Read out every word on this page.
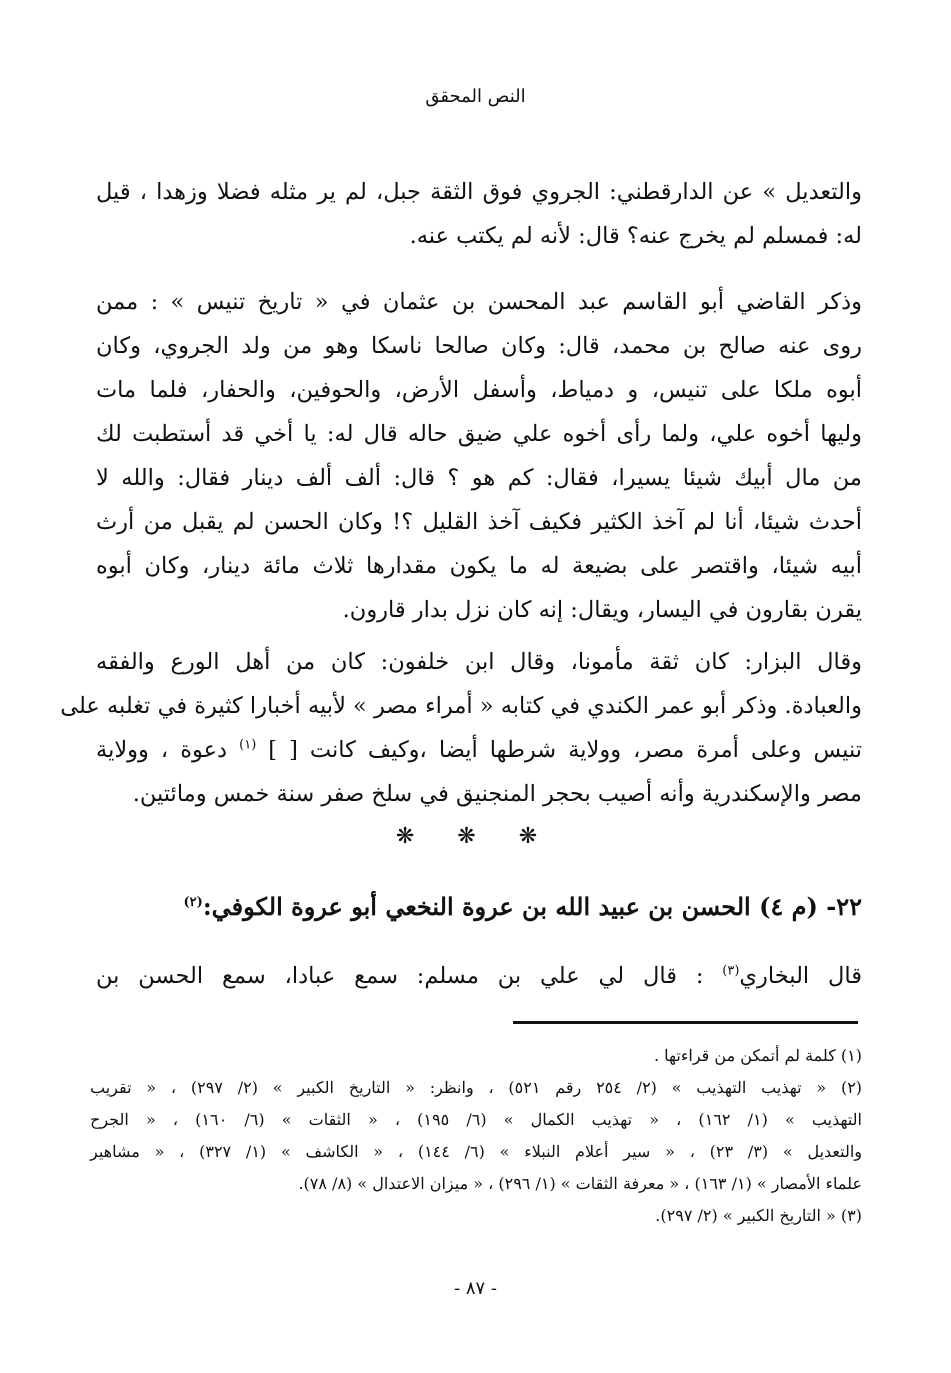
النص المحقق
والتعديل » عن الدارقطني: الجروي فوق الثقة جبل، لم ير مثله فضلا وزهدا ، قيل
له: فمسلم لم يخرج عنه؟ قال: لأنه لم يكتب عنه.
وذكر القاضي أبو القاسم عبد المحسن بن عثمان في « تاريخ تنيس » : ممن
روى عنه صالح بن محمد، قال: وكان صالحا ناسكا وهو من ولد الجروي، وكان
أبوه ملكا على تنيس، و دمياط، وأسفل الأرض، والحوفين، والحفار، فلما مات
وليها أخوه علي، ولما رأى أخوه علي ضيق حاله قال له: يا أخي قد أستطبت لك
من مال أبيك شيئا يسيرا، فقال: كم هو ؟ قال: ألف ألف دينار فقال: والله لا
أحدث شيئا، أنا لم آخذ الكثير فكيف آخذ القليل ؟! وكان الحسن لم يقبل من أرث
أبيه شيئا، واقتصر على بضيعة له ما يكون مقدارها ثلاث مائة دينار، وكان أبوه
يقرن بقارون في اليسار، ويقال: إنه كان نزل بدار قارون.
وقال البزار: كان ثقة مأمونا، وقال ابن خلفون: كان من أهل الورع والفقه
والعبادة. وذكر أبو عمر الكندي في كتابه « أمراء مصر » لأبيه أخبارا كثيرة في تغلبه على
تنيس وعلى أمرة مصر، وولاية شرطها أيضا ،وكيف كانت [ ] $^{(١)}$ دعوة ، وولاية
مصر والإسكندرية وأنه أصيب بحجر المنجنيق في سلخ صفر سنة خمس ومائتين.
❋ ❋ ❋
٢٢- (م ٤) الحسن بن عبيد الله بن عروة النخعي أبو عروة الكوفي:$^{(٢)}$
قال البخاري$^{(٣)}$ : قال لي علي بن مسلم: سمع عبادا، سمع الحسن بن
(١) كلمة لم أتمكن من قراءتها .
(٢) « تهذيب التهذيب » (٢/ ٢٥٤ رقم ٥٢١) ، وانظر: « التاريخ الكبير » (٢/ ٢٩٧) ، « تقريب
التهذيب » (١/ ١٦٢) ، « تهذيب الكمال » (٦/ ١٩٥) ، « الثقات » (٦/ ١٦٠) ، « الجرح
والتعديل » (٣/ ٢٣) ، « سير أعلام النبلاء » (٦/ ١٤٤) ، « الكاشف » (١/ ٣٢٧) ، « مشاهير
علماء الأمصار » (١/ ١٦٣) ، « معرفة الثقات » (١/ ٢٩٦) ، « ميزان الاعتدال » (٨/ ٧٨).
(٣) « التاريخ الكبير » (٢/ ٢٩٧).
- ٨٧ -
